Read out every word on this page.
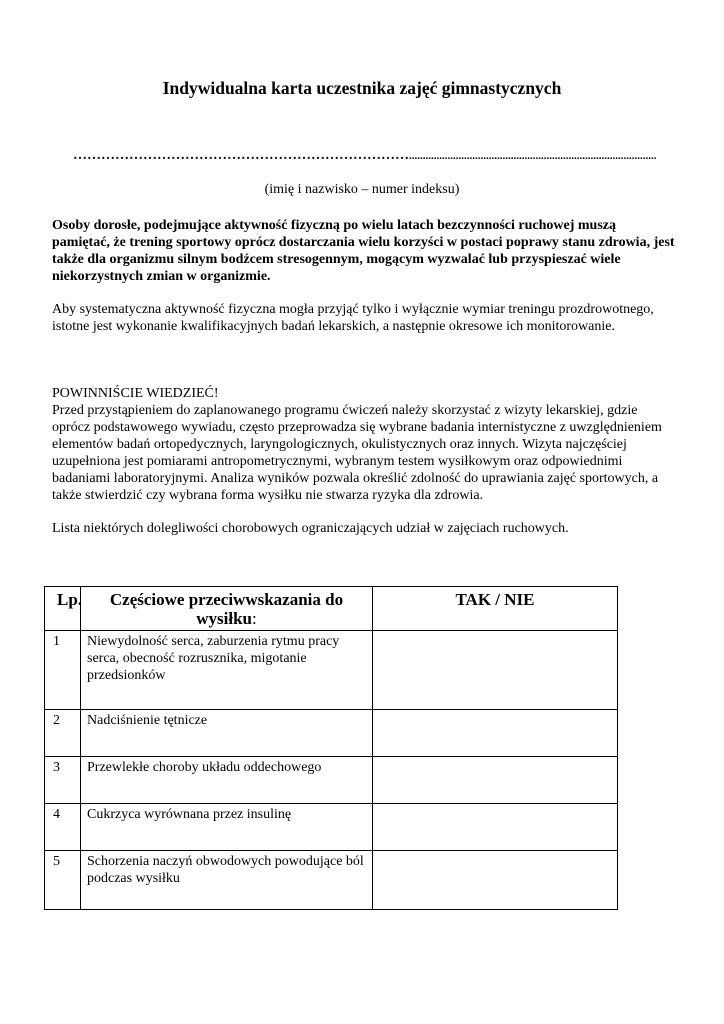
Indywidualna karta uczestnika zajęć gimnastycznych
………………………………………………………………..........................................................................................
(imię i nazwisko – numer indeksu)

Osoby dorosłe, podejmujące aktywność fizyczną po wielu latach bezczynności ruchowej muszą pamiętać, że trening sportowy oprócz dostarczania wielu korzyści w postaci poprawy stanu zdrowia, jest także dla organizmu silnym bodźcem stresogennym, mogącym wyzwalać lub przyspieszać wiele niekorzystnych zmian w organizmie.

Aby systematyczna aktywność fizyczna mogła przyjąć tylko i wyłącznie wymiar treningu prozdrowotnego, istotne jest wykonanie kwalifikacyjnych badań lekarskich, a następnie okresowe ich monitorowanie.

POWINNIŚCIE WIEDZIEĆ!
Przed przystąpieniem do zaplanowanego programu ćwiczeń należy skorzystać z wizyty lekarskiej, gdzie oprócz podstawowego wywiadu, często przeprowadza się wybrane badania internistyczne z uwzględnieniem elementów badań ortopedycznych, laryngologicznych, okulistycznych oraz innych. Wizyta najczęściej uzupełniona jest pomiarami antropometrycznymi, wybranym testem wysiłkowym oraz odpowiednimi badaniami laboratoryjnymi. Analiza wyników pozwala określić zdolność do uprawiania zajęć sportowych, a także stwierdzić czy wybrana forma wysiłku nie stwarza ryzyka dla zdrowia.

Lista niektórych dolegliwości chorobowych ograniczających udział w zajęciach ruchowych.

Lp.	Częściowe przeciwwskazania do wysiłku:	TAK / NIE
1	Niewydolność serca, zaburzenia rytmu pracy serca, obecność rozrusznika, migotanie przedsionków	
2	Nadciśnienie tętnicze	
3	Przewlekłe choroby układu oddechowego	
4	Cukrzyca wyrównana przez insulinę	
5	Schorzenia naczyń obwodowych powodujące ból podczas wysiłku	
